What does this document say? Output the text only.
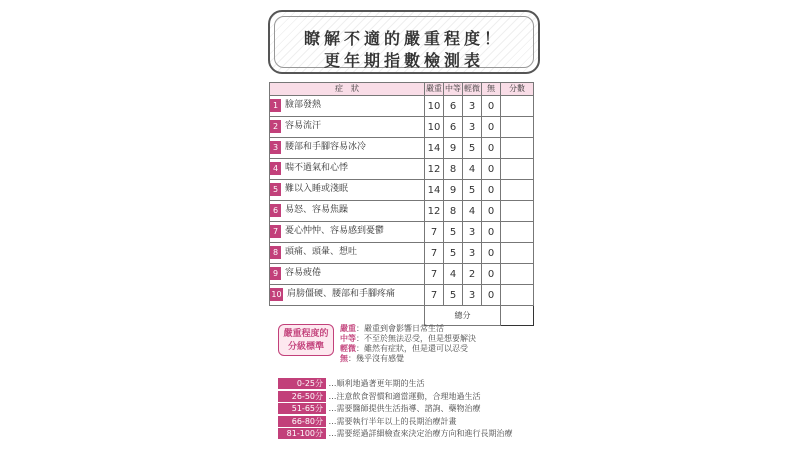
瞭解不適的嚴重程度！
更年期指數檢測表
症　狀	嚴重	中等	輕微	無	分數
1 臉部發熱	10	6	3	0	
2 容易流汗	10	6	3	0	
3 腰部和手腳容易冰冷	14	9	5	0	
4 喘不過氣和心悸	12	8	4	0	
5 難以入睡或淺眠	14	9	5	0	
6 易怒、容易焦躁	12	8	4	0	
7 憂心忡忡、容易感到憂鬱	7	5	3	0	
8 頭痛、頭暈、想吐	7	5	3	0	
9 容易疲倦	7	4	2	0	
10 肩膀僵硬、腰部和手腳疼痛	7	5	3	0	
	總分				
嚴重程度的
分級標準
嚴重：嚴重到會影響日常生活
中等：不至於無法忍受，但是想要解決
輕微：雖然有症狀，但是還可以忍受
無：幾乎沒有感覺
0-25分 …順利地過著更年期的生活
26-50分 …注意飲食習慣和適當運動，合理地過生活
51-65分 …需要醫師提供生活指導、諮詢、藥物治療
66-80分 …需要執行半年以上的長期治療計畫
81-100分 …需要經過詳細檢查來決定治療方向和進行長期治療
